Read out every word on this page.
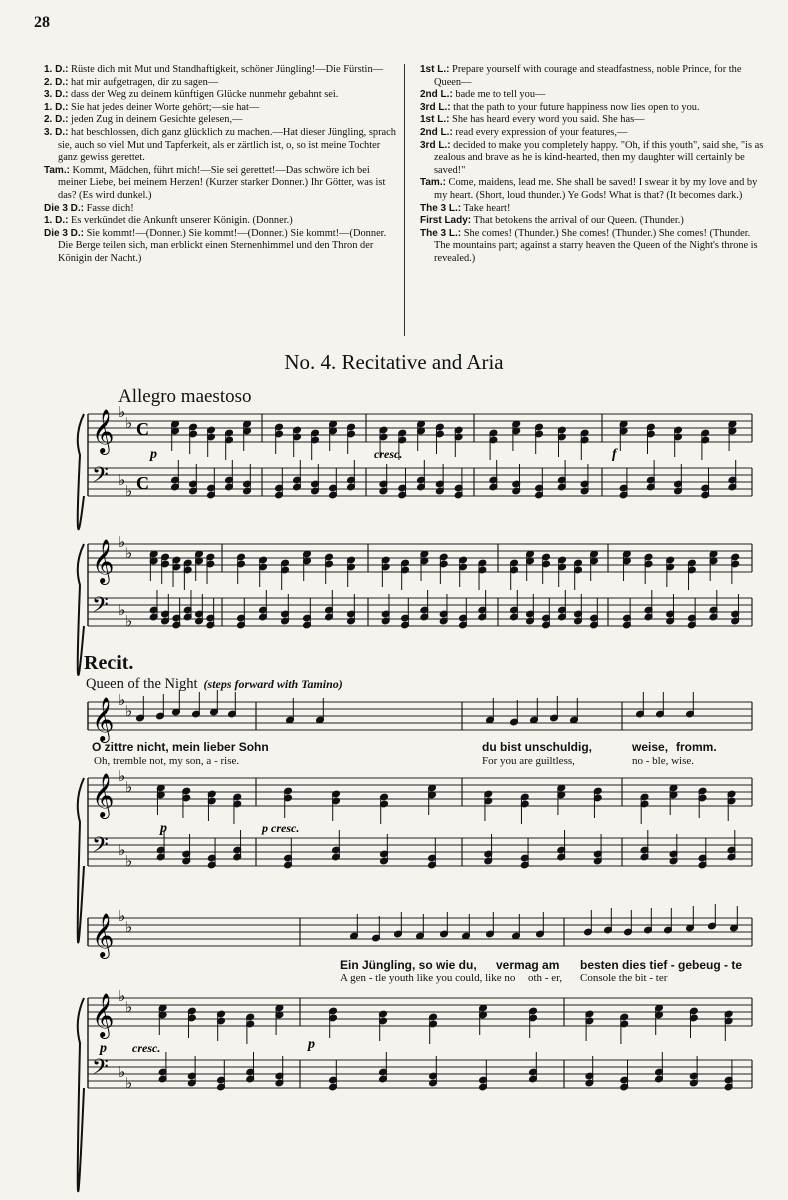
28

1. D.: Rüste dich mit Mut und Standhaftigkeit, schöner Jüngling!—Die Fürstin—

2. D.: hat mir aufgetragen, dir zu sagen—

3. D.: dass der Weg zu deinem künftigen Glücke nunmehr gebahnt sei.

1. D.: Sie hat jedes deiner Worte gehört;—sie hat—

2. D.: jeden Zug in deinem Gesichte gelesen,—

3. D.: hat beschlossen, dich ganz glücklich zu machen.—Hat dieser Jüngling, sprach sie, auch so viel Mut und Tapferkeit, als er zärtlich ist, o, so ist meine Tochter ganz gewiss gerettet.

Tam.: Kommt, Mädchen, führt mich!—Sie sei gerettet!—Das schwöre ich bei meiner Liebe, bei meinem Herzen! (Kurzer starker Donner.) Ihr Götter, was ist das? (Es wird dunkel.)

Die 3 D.: Fasse dich!

1. D.: Es verkündet die Ankunft unserer Königin. (Donner.)

Die 3 D.: Sie kommt!—(Donner.) Sie kommt!—(Donner.) Sie kommt!—(Donner. Die Berge teilen sich, man erblickt einen Sternenhimmel und den Thron der Königin der Nacht.)

1st L.: Prepare yourself with courage and steadfastness, noble Prince, for the Queen—

2nd L.: bade me to tell you—

3rd L.: that the path to your future happiness now lies open to you.

1st L.: She has heard every word you said. She has—

2nd L.: read every expression of your features,—

3rd L.: decided to make you completely happy. "Oh, if this youth", said she, "is as zealous and brave as he is kind-hearted, then my daughter will certainly be saved!"

Tam.: Come, maidens, lead me. She shall be saved! I swear it by my love and by my heart. (Short, loud thunder.) Ye Gods! What is that? (It becomes dark.)

The 3 L.: Take heart!

First Lady: That betokens the arrival of our Queen. (Thunder.)

The 3 L.: She comes! (Thunder.) She comes! (Thunder.) She comes! (Thunder. The mountains part; against a starry heaven the Queen of the Night's throne is revealed.)

No. 4. Recitative and Aria
Allegro maestoso
Recit.
Queen of the Night (steps forward with Tamino)
O zittre nicht, mein lieber Sohn	du bist unschuldig,	weise, fromm.
Oh, tremble not, my son, a - rise.	For you are guiltless,	no - ble, wise.
Ein Jüngling, so wie du, vermag am besten dies tief - gebeug - te
A gen - tle youth like you could, like no oth - er, Console the bit - ter
𝄞
𝄢
♭
♭
♭
♭
C
C
p	cresc.	f
𝄞
𝄢
♭
♭
♭
♭
𝄞 ♭
♭
𝄞
𝄢
♭
♭
♭
♭
p	p cresc.
𝄞 ♭
♭
𝄞
𝄢
♭
♭
♭
♭
p cresc.	p
